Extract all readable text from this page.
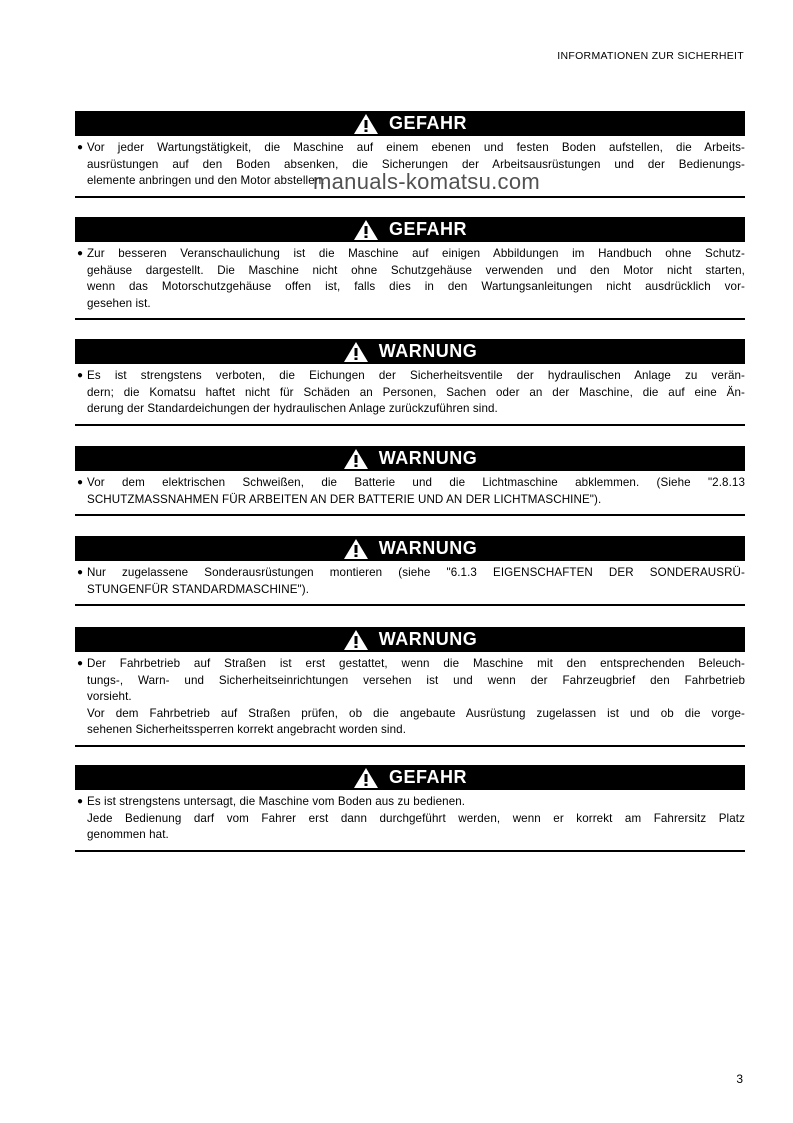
INFORMATIONEN ZUR SICHERHEIT
GEFAHR
● Vor jeder Wartungstätigkeit, die Maschine auf einem ebenen und festen Boden aufstellen, die Arbeits-
ausrüstungen auf den Boden absenken, die Sicherungen der Arbeitsausrüstungen und der Bedienungs-
elemente anbringen und den Motor abstellen.
GEFAHR
● Zur besseren Veranschaulichung ist die Maschine auf einigen Abbildungen im Handbuch ohne Schutz-
gehäuse dargestellt. Die Maschine nicht ohne Schutzgehäuse verwenden und den Motor nicht starten,
wenn das Motorschutzgehäuse offen ist, falls dies in den Wartungsanleitungen nicht ausdrücklich vor-
gesehen ist.
WARNUNG
● Es ist strengstens verboten, die Eichungen der Sicherheitsventile der hydraulischen Anlage zu verän-
dern; die Komatsu haftet nicht für Schäden an Personen, Sachen oder an der Maschine, die auf eine Än-
derung der Standardeichungen der hydraulischen Anlage zurückzuführen sind.
WARNUNG
● Vor dem elektrischen Schweißen, die Batterie und die Lichtmaschine abklemmen. (Siehe "2.8.13
SCHUTZMASSNAHMEN FÜR ARBEITEN AN DER BATTERIE UND AN DER LICHTMASCHINE").
WARNUNG
● Nur zugelassene Sonderausrüstungen montieren (siehe "6.1.3 EIGENSCHAFTEN DER SONDERAUSRÜ-
STUNGENFÜR STANDARDMASCHINE").
WARNUNG
● Der Fahrbetrieb auf Straßen ist erst gestattet, wenn die Maschine mit den entsprechenden Beleuch-
tungs-, Warn- und Sicherheitseinrichtungen versehen ist und wenn der Fahrzeugbrief den Fahrbetrieb
vorsieht.
Vor dem Fahrbetrieb auf Straßen prüfen, ob die angebaute Ausrüstung zugelassen ist und ob die vorge-
sehenen Sicherheitssperren korrekt angebracht worden sind.
GEFAHR
● Es ist strengstens untersagt, die Maschine vom Boden aus zu bedienen.
Jede Bedienung darf vom Fahrer erst dann durchgeführt werden, wenn er korrekt am Fahrersitz Platz
genommen hat.
manuals-komatsu.com
3
